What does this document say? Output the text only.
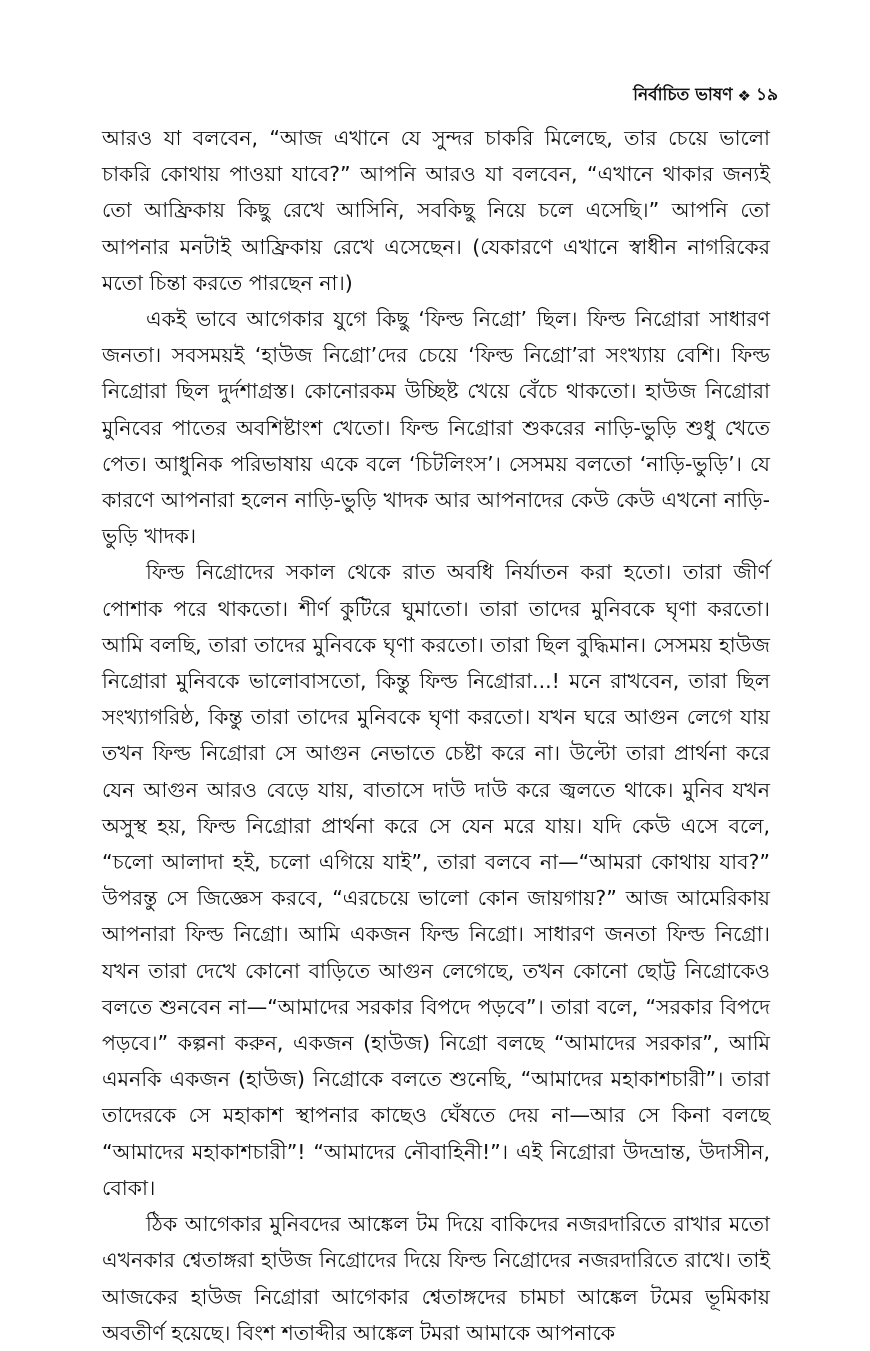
নির্বাচিত ভাষণ ❖ ১৯

আরও যা বলবেন, “আজ এখানে যে সুন্দর চাকরি মিলেছে, তার চেয়ে ভালো চাকরি কোথায় পাওয়া যাবে?” আপনি আরও যা বলবেন, “এখানে থাকার জন্যই তো আফ্রিকায় কিছু রেখে আসিনি, সবকিছু নিয়ে চলে এসেছি।” আপনি তো আপনার মনটাই আফ্রিকায় রেখে এসেছেন। (যেকারণে এখানে স্বাধীন নাগরিকের মতো চিন্তা করতে পারছেন না।)

একই ভাবে আগেকার যুগে কিছু ‘ফিল্ড নিগ্রো’ ছিল। ফিল্ড নিগ্রোরা সাধারণ জনতা। সবসময়ই ‘হাউজ নিগ্রো’দের চেয়ে ‘ফিল্ড নিগ্রো’রা সংখ্যায় বেশি। ফিল্ড নিগ্রোরা ছিল দুর্দশাগ্রস্ত। কোনোরকম উচ্ছিষ্ট খেয়ে বেঁচে থাকতো। হাউজ নিগ্রোরা মুনিবের পাতের অবশিষ্টাংশ খেতো। ফিল্ড নিগ্রোরা শুকরের নাড়ি-ভুড়ি শুধু খেতে পেত। আধুনিক পরিভাষায় একে বলে ‘চিটলিংস’। সেসময় বলতো ‘নাড়ি-ভুড়ি’। যে কারণে আপনারা হলেন নাড়ি-ভুড়ি খাদক আর আপনাদের কেউ কেউ এখনো নাড়ি-ভুড়ি খাদক।

ফিল্ড নিগ্রোদের সকাল থেকে রাত অবধি নির্যাতন করা হতো। তারা জীর্ণ পোশাক পরে থাকতো। শীর্ণ কুটিরে ঘুমাতো। তারা তাদের মুনিবকে ঘৃণা করতো। আমি বলছি, তারা তাদের মুনিবকে ঘৃণা করতো। তারা ছিল বুদ্ধিমান। সেসময় হাউজ নিগ্রোরা মুনিবকে ভালোবাসতো, কিন্তু ফিল্ড নিগ্রোরা...! মনে রাখবেন, তারা ছিল সংখ্যাগরিষ্ঠ, কিন্তু তারা তাদের মুনিবকে ঘৃণা করতো। যখন ঘরে আগুন লেগে যায় তখন ফিল্ড নিগ্রোরা সে আগুন নেভাতে চেষ্টা করে না। উল্টো তারা প্রার্থনা করে যেন আগুন আরও বেড়ে যায়, বাতাসে দাউ দাউ করে জ্বলতে থাকে। মুনিব যখন অসুস্থ হয়, ফিল্ড নিগ্রোরা প্রার্থনা করে সে যেন মরে যায়। যদি কেউ এসে বলে, “চলো আলাদা হই, চলো এগিয়ে যাই”, তারা বলবে না—“আমরা কোথায় যাব?” উপরন্তু সে জিজ্ঞেস করবে, “এরচেয়ে ভালো কোন জায়গায়?” আজ আমেরিকায় আপনারা ফিল্ড নিগ্রো। আমি একজন ফিল্ড নিগ্রো। সাধারণ জনতা ফিল্ড নিগ্রো। যখন তারা দেখে কোনো বাড়িতে আগুন লেগেছে, তখন কোনো ছোট্ট নিগ্রোকেও বলতে শুনবেন না—“আমাদের সরকার বিপদে পড়বে”। তারা বলে, “সরকার বিপদে পড়বে।” কল্পনা করুন, একজন (হাউজ) নিগ্রো বলছে “আমাদের সরকার”, আমি এমনকি একজন (হাউজ) নিগ্রোকে বলতে শুনেছি, “আমাদের মহাকাশচারী”। তারা তাদেরকে সে মহাকাশ স্থাপনার কাছেও ঘেঁষতে দেয় না—আর সে কিনা বলছে “আমাদের মহাকাশচারী”! “আমাদের নৌবাহিনী!”। এই নিগ্রোরা উদভ্রান্ত, উদাসীন, বোকা।

ঠিক আগেকার মুনিবদের আঙ্কেল টম দিয়ে বাকিদের নজরদারিতে রাখার মতো এখনকার শ্বেতাঙ্গরা হাউজ নিগ্রোদের দিয়ে ফিল্ড নিগ্রোদের নজরদারিতে রাখে। তাই আজকের হাউজ নিগ্রোরা আগেকার শ্বেতাঙ্গদের চামচা আঙ্কেল টমের ভূমিকায় অবতীর্ণ হয়েছে। বিংশ শতাব্দীর আঙ্কেল টমরা আমাকে আপনাকে
